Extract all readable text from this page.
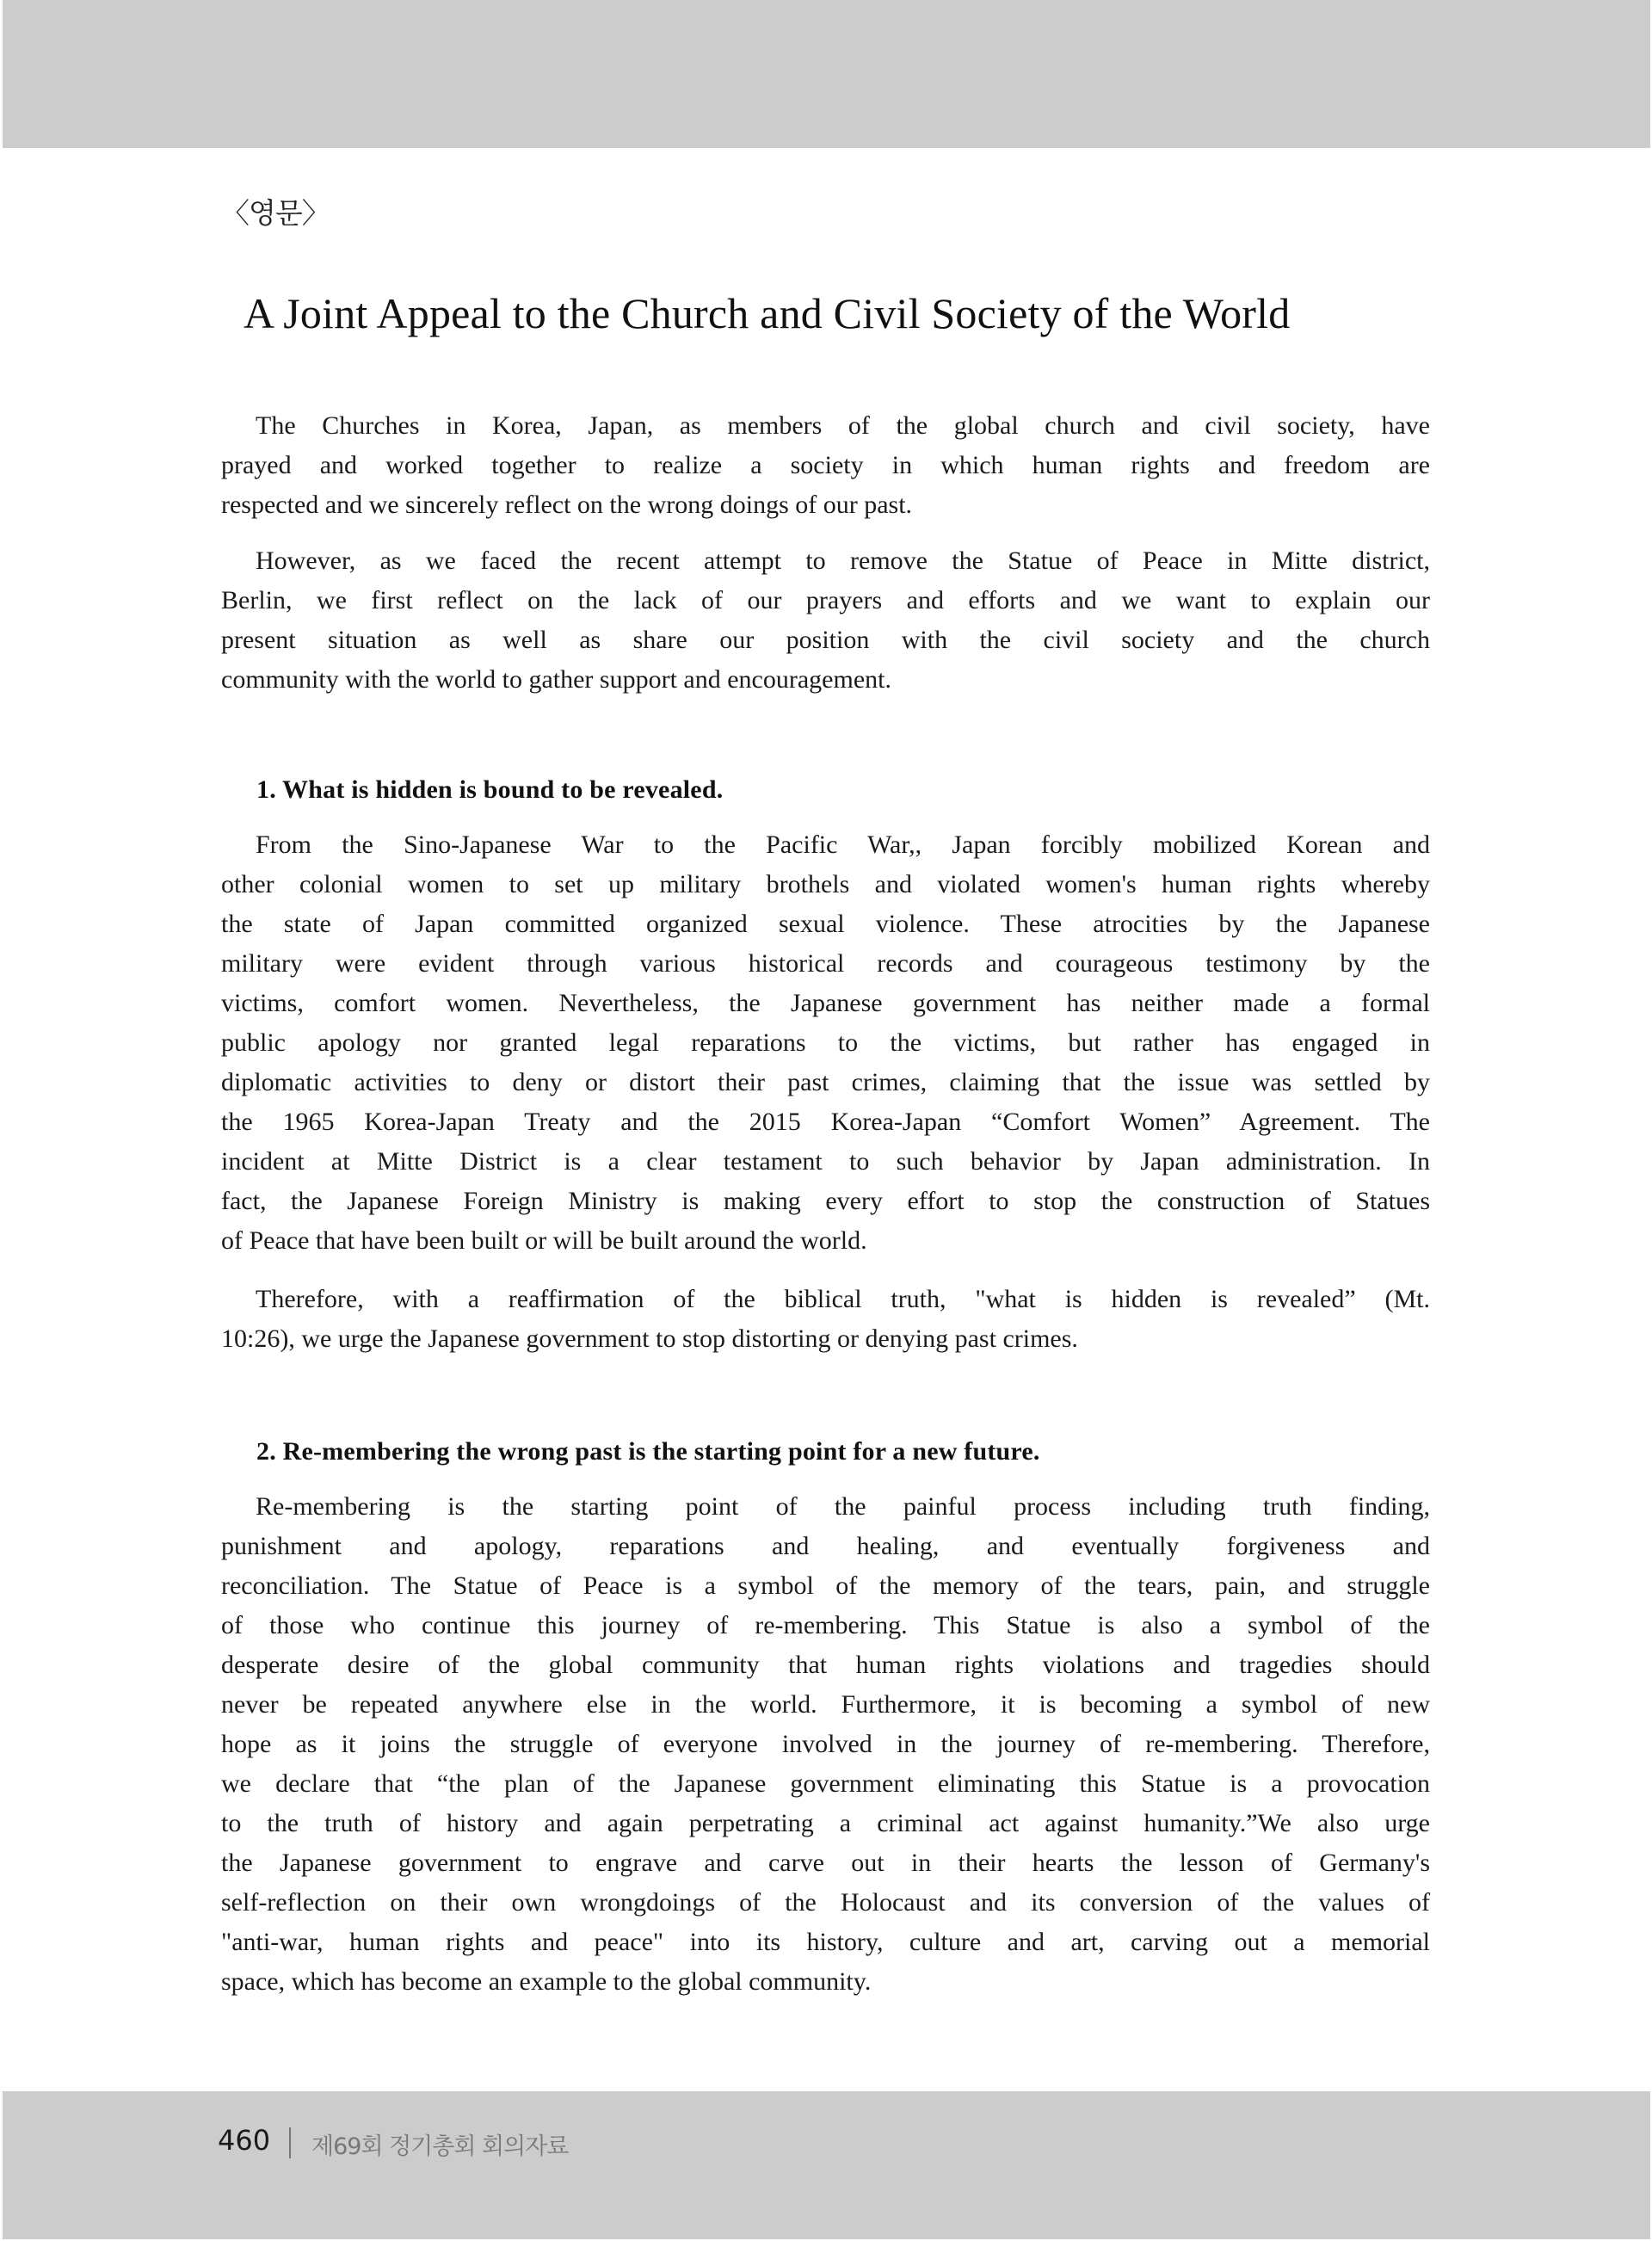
〈영문〉
A Joint Appeal to the Church and Civil Society of the World
The Churches in Korea, Japan, as members of the global church and civil society, have
prayed and worked together to realize a society in which human rights and freedom are
respected and we sincerely reflect on the wrong doings of our past.
However, as we faced the recent attempt to remove the Statue of Peace in Mitte district,
Berlin, we first reflect on the lack of our prayers and efforts and we want to explain our
present situation as well as share our position with the civil society and the church
community with the world to gather support and encouragement.
1. What is hidden is bound to be revealed.
From the Sino-Japanese War to the Pacific War,, Japan forcibly mobilized Korean and
other colonial women to set up military brothels and violated women's human rights whereby
the state of Japan committed organized sexual violence. These atrocities by the Japanese
military were evident through various historical records and courageous testimony by the
victims, comfort women. Nevertheless, the Japanese government has neither made a formal
public apology nor granted legal reparations to the victims, but rather has engaged in
diplomatic activities to deny or distort their past crimes, claiming that the issue was settled by
the 1965 Korea-Japan Treaty and the 2015 Korea-Japan “Comfort Women” Agreement. The
incident at Mitte District is a clear testament to such behavior by Japan administration. In
fact, the Japanese Foreign Ministry is making every effort to stop the construction of Statues
of Peace that have been built or will be built around the world.
Therefore, with a reaffirmation of the biblical truth, "what is hidden is revealed” (Mt.
10:26), we urge the Japanese government to stop distorting or denying past crimes.
2. Re-membering the wrong past is the starting point for a new future.
Re-membering is the starting point of the painful process including truth finding,
punishment and apology, reparations and healing, and eventually forgiveness and
reconciliation. The Statue of Peace is a symbol of the memory of the tears, pain, and struggle
of those who continue this journey of re-membering. This Statue is also a symbol of the
desperate desire of the global community that human rights violations and tragedies should
never be repeated anywhere else in the world. Furthermore, it is becoming a symbol of new
hope as it joins the struggle of everyone involved in the journey of re-membering. Therefore,
we declare that “the plan of the Japanese government eliminating this Statue is a provocation
to the truth of history and again perpetrating a criminal act against humanity.”We also urge
the Japanese government to engrave and carve out in their hearts the lesson of Germany's
self-reflection on their own wrongdoings of the Holocaust and its conversion of the values of
"anti-war, human rights and peace" into its history, culture and art, carving out a memorial
space, which has become an example to the global community.
460 제69회 정기총회 회의자료
